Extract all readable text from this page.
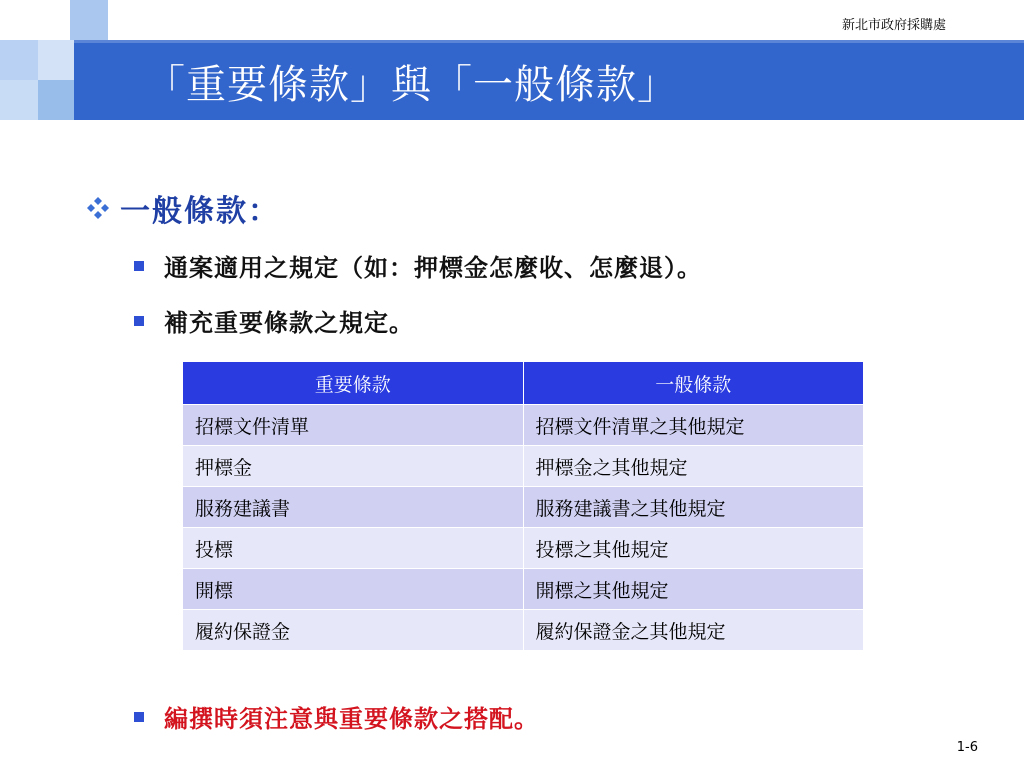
新北市政府採購處
「重要條款」與「一般條款」
一般條款：
通案適用之規定（如：押標金怎麼收、怎麼退）。
補充重要條款之規定。
重要條款	一般條款
招標文件清單	招標文件清單之其他規定
押標金	押標金之其他規定
服務建議書	服務建議書之其他規定
投標	投標之其他規定
開標	開標之其他規定
履約保證金	履約保證金之其他規定
編撰時須注意與重要條款之搭配。
1-6
